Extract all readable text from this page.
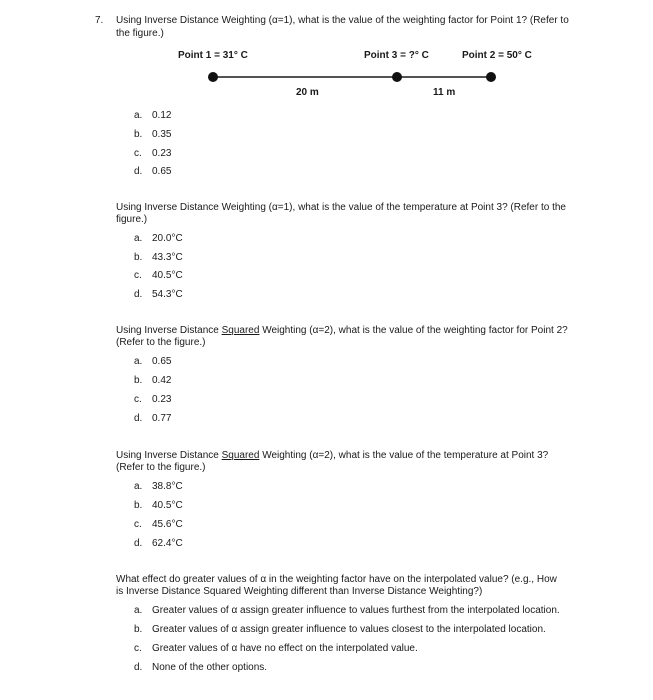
7. Using Inverse Distance Weighting (α=1), what is the value of the weighting factor for Point 1? (Refer to
the figure.)
Point 1 = 31° C	Point 3 = ?° C	Point 2 = 50° C
20 m	11 m
a. 0.12
b. 0.35
c. 0.23
d. 0.65
Using Inverse Distance Weighting (α=1), what is the value of the temperature at Point 3? (Refer to the
figure.)
a. 20.0°C
b. 43.3°C
c. 40.5°C
d. 54.3°C
Using Inverse Distance Squared Weighting (α=2), what is the value of the weighting factor for Point 2?
(Refer to the figure.)
a. 0.65
b. 0.42
c. 0.23
d. 0.77
Using Inverse Distance Squared Weighting (α=2), what is the value of the temperature at Point 3?
(Refer to the figure.)
a. 38.8°C
b. 40.5°C
c. 45.6°C
d. 62.4°C
What effect do greater values of α in the weighting factor have on the interpolated value? (e.g., How
is Inverse Distance Squared Weighting different than Inverse Distance Weighting?)
a. Greater values of α assign greater influence to values furthest from the interpolated location.
b. Greater values of α assign greater influence to values closest to the interpolated location.
c. Greater values of α have no effect on the interpolated value.
d. None of the other options.
